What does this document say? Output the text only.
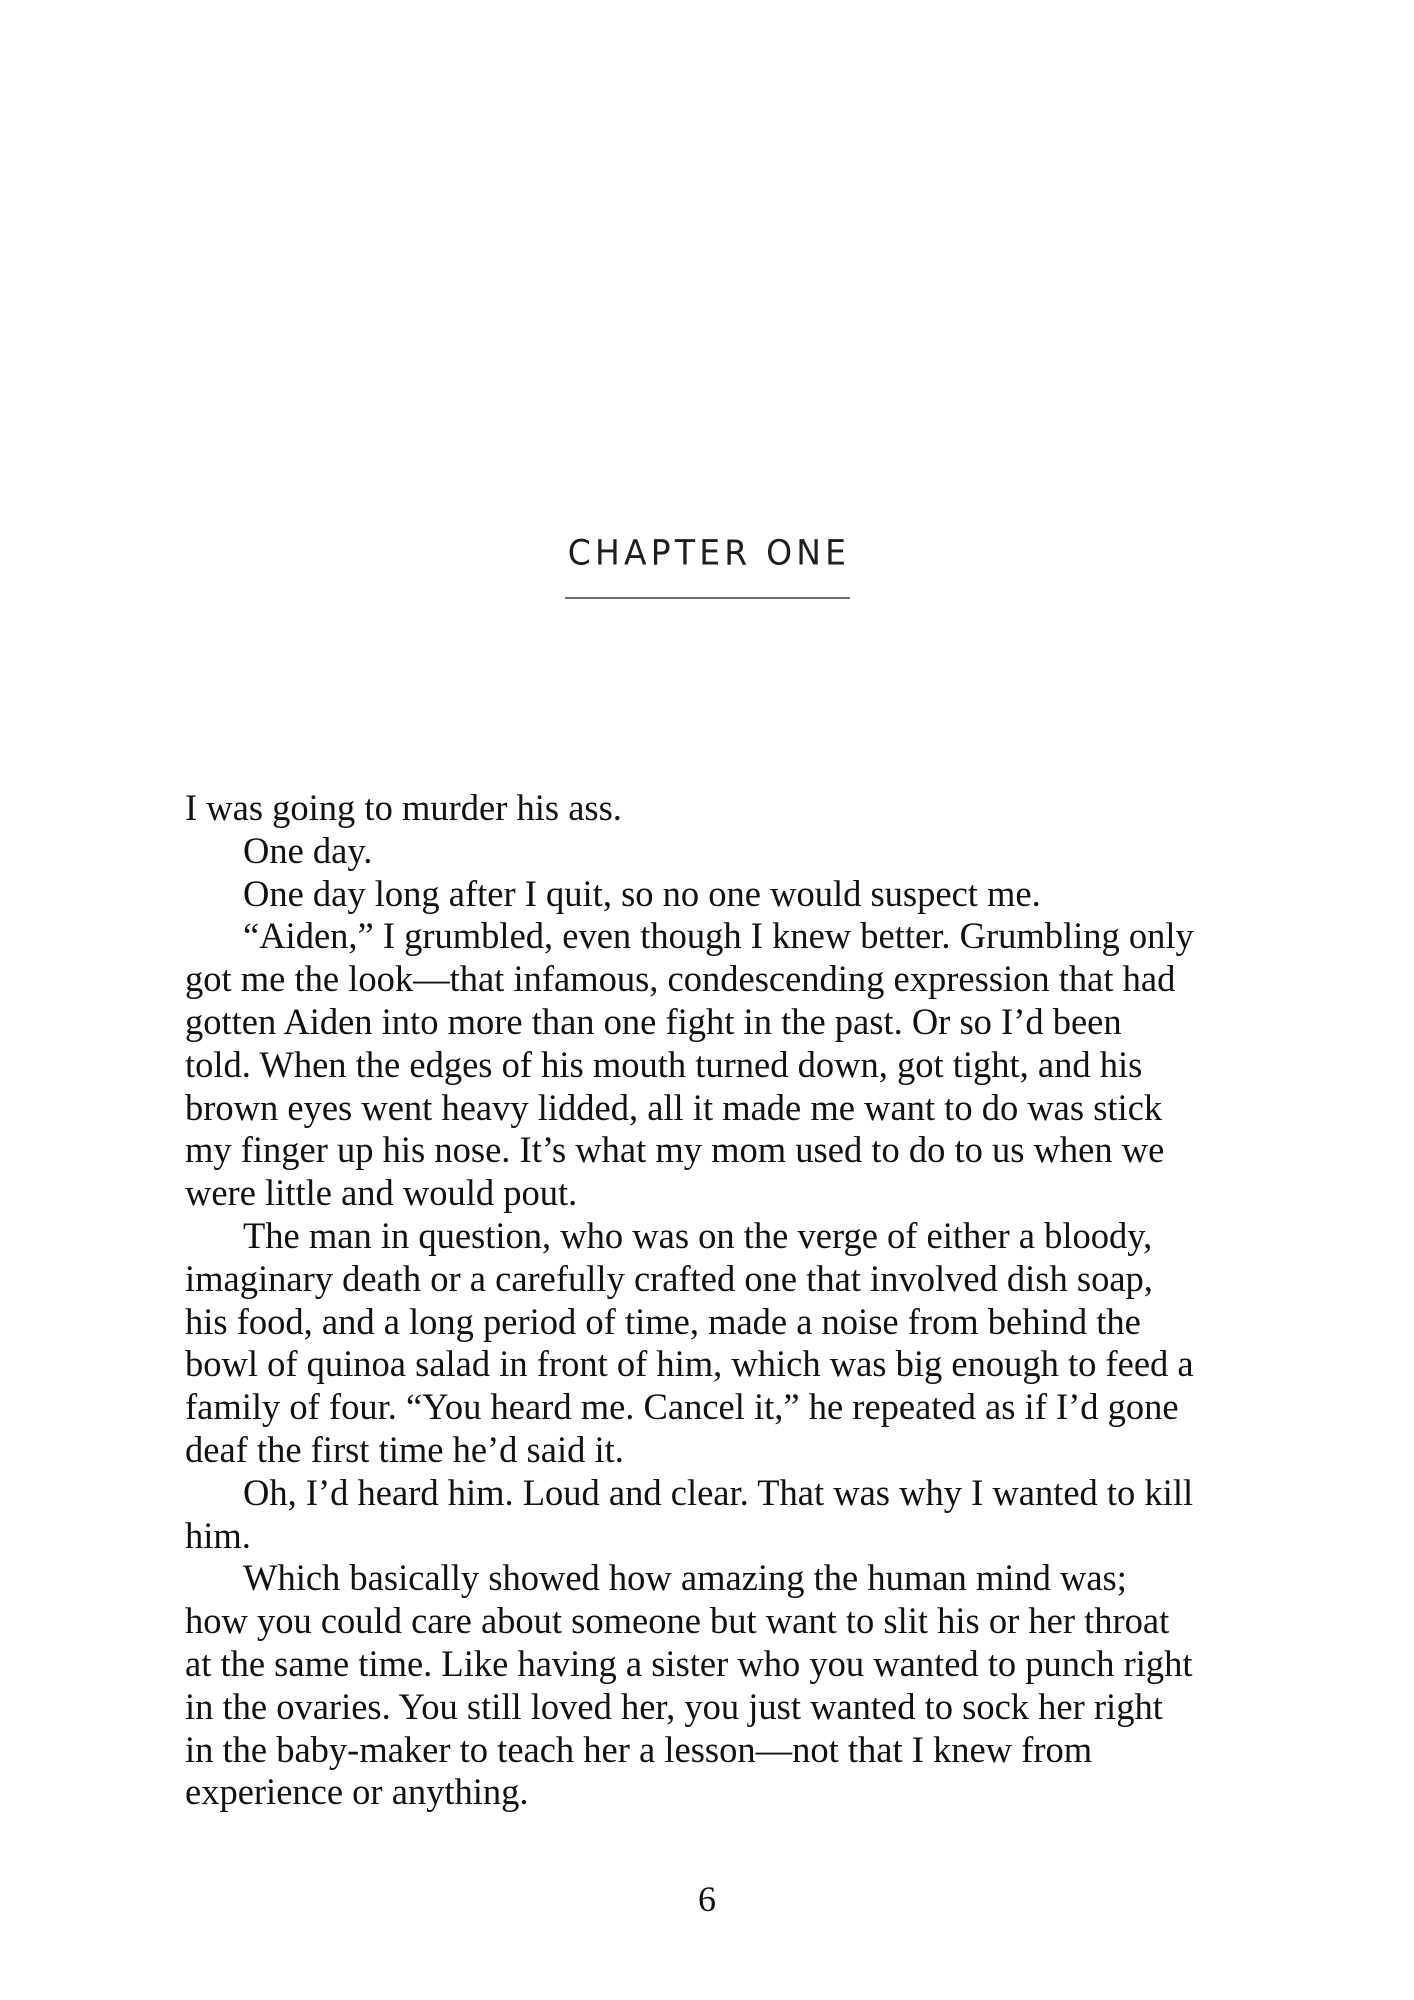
CHAPTER ONE
I was going to murder his ass.
One day.
One day long after I quit, so no one would suspect me.
“Aiden,” I grumbled, even though I knew better. Grumbling only
got me the look—that infamous, condescending expression that had
gotten Aiden into more than one fight in the past. Or so I’d been
told. When the edges of his mouth turned down, got tight, and his
brown eyes went heavy lidded, all it made me want to do was stick
my finger up his nose. It’s what my mom used to do to us when we
were little and would pout.
The man in question, who was on the verge of either a bloody,
imaginary death or a carefully crafted one that involved dish soap,
his food, and a long period of time, made a noise from behind the
bowl of quinoa salad in front of him, which was big enough to feed a
family of four. “You heard me. Cancel it,” he repeated as if I’d gone
deaf the first time he’d said it.
Oh, I’d heard him. Loud and clear. That was why I wanted to kill
him.
Which basically showed how amazing the human mind was;
how you could care about someone but want to slit his or her throat
at the same time. Like having a sister who you wanted to punch right
in the ovaries. You still loved her, you just wanted to sock her right
in the baby-maker to teach her a lesson—not that I knew from
experience or anything.
6
